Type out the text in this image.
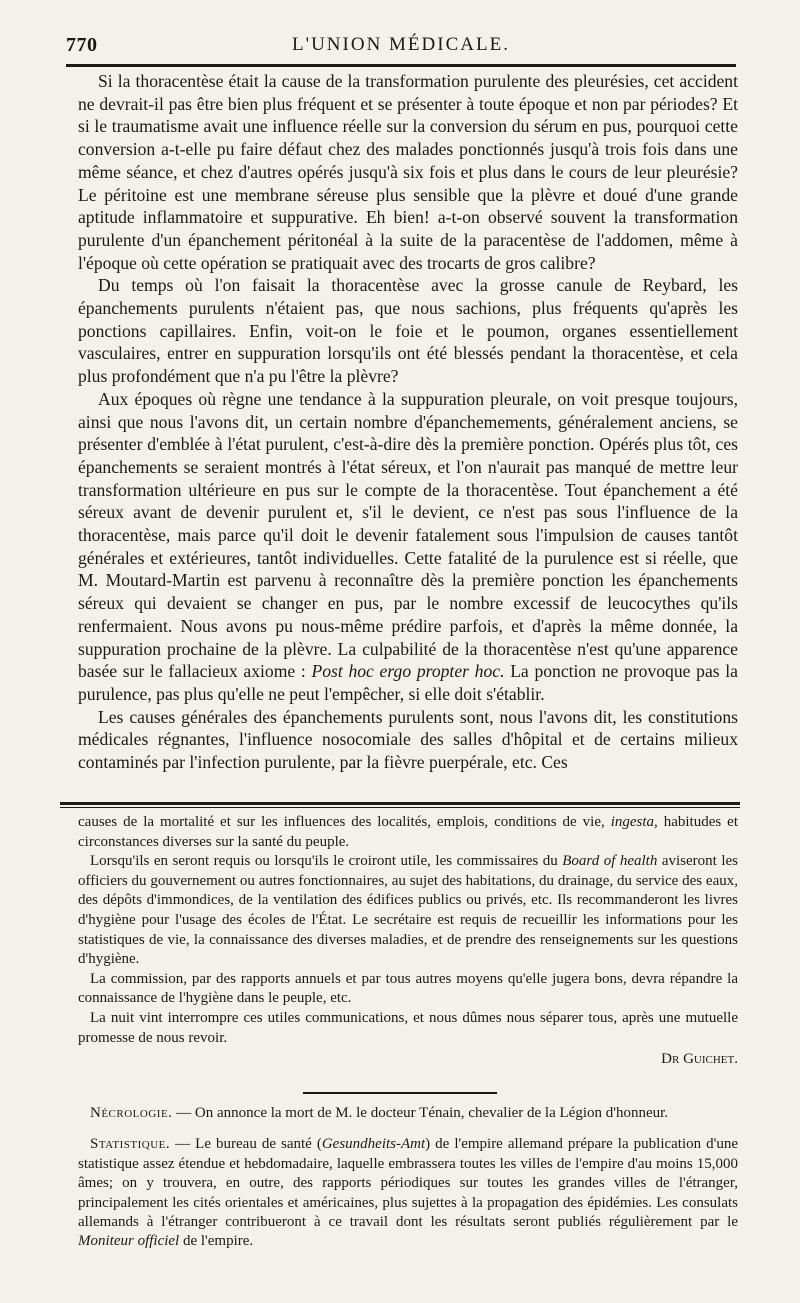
770	L'UNION MÉDICALE.

Si la thoracentèse était la cause de la transformation purulente des pleurésies, cet accident ne devrait-il pas être bien plus fréquent et se présenter à toute époque et non par périodes? Et si le traumatisme avait une influence réelle sur la conversion du sérum en pus, pourquoi cette conversion a-t-elle pu faire défaut chez des malades ponctionnés jusqu'à trois fois dans une même séance, et chez d'autres opérés jusqu'à six fois et plus dans le cours de leur pleurésie? Le péritoine est une membrane séreuse plus sensible que la plèvre et doué d'une grande aptitude inflammatoire et suppurative. Eh bien! a-t-on observé souvent la transformation purulente d'un épanchement péritonéal à la suite de la paracentèse de l'addomen, même à l'époque où cette opération se pratiquait avec des trocarts de gros calibre?

Du temps où l'on faisait la thoracentèse avec la grosse canule de Reybard, les épanchements purulents n'étaient pas, que nous sachions, plus fréquents qu'après les ponctions capillaires. Enfin, voit-on le foie et le poumon, organes essentiellement vasculaires, entrer en suppuration lorsqu'ils ont été blessés pendant la thoracentèse, et cela plus profondément que n'a pu l'être la plèvre?

Aux époques où règne une tendance à la suppuration pleurale, on voit presque toujours, ainsi que nous l'avons dit, un certain nombre d'épanchemements, généralement anciens, se présenter d'emblée à l'état purulent, c'est-à-dire dès la première ponction. Opérés plus tôt, ces épanchements se seraient montrés à l'état séreux, et l'on n'aurait pas manqué de mettre leur transformation ultérieure en pus sur le compte de la thoracentèse. Tout épanchement a été séreux avant de devenir purulent et, s'il le devient, ce n'est pas sous l'influence de la thoracentèse, mais parce qu'il doit le devenir fatalement sous l'impulsion de causes tantôt générales et extérieures, tantôt individuelles. Cette fatalité de la purulence est si réelle, que M. Moutard-Martin est parvenu à reconnaître dès la première ponction les épanchements séreux qui devaient se changer en pus, par le nombre excessif de leucocythes qu'ils renfermaient. Nous avons pu nous-même prédire parfois, et d'après la même donnée, la suppuration prochaine de la plèvre. La culpabilité de la thoracentèse n'est qu'une apparence basée sur le fallacieux axiome : Post hoc ergo propter hoc. La ponction ne provoque pas la purulence, pas plus qu'elle ne peut l'empêcher, si elle doit s'établir.

Les causes générales des épanchements purulents sont, nous l'avons dit, les constitutions médicales régnantes, l'influence nosocomiale des salles d'hôpital et de certains milieux contaminés par l'infection purulente, par la fièvre puerpérale, etc. Ces

causes de la mortalité et sur les influences des localités, emplois, conditions de vie, ingesta, habitudes et circonstances diverses sur la santé du peuple.

Lorsqu'ils en seront requis ou lorsqu'ils le croiront utile, les commissaires du Board of health aviseront les officiers du gouvernement ou autres fonctionnaires, au sujet des habitations, du drainage, du service des eaux, des dépôts d'immondices, de la ventilation des édifices publics ou privés, etc. Ils recommanderont les livres d'hygiène pour l'usage des écoles de l'État. Le secrétaire est requis de recueillir les informations pour les statistiques de vie, la connaissance des diverses maladies, et de prendre des renseignements sur les questions d'hygiène.

La commission, par des rapports annuels et par tous autres moyens qu'elle jugera bons, devra répandre la connaissance de l'hygiène dans le peuple, etc.

La nuit vint interrompre ces utiles communications, et nous dûmes nous séparer tous, après une mutuelle promesse de nous revoir.

Dr Guichet.

Nécrologie. — On annonce la mort de M. le docteur Ténain, chevalier de la Légion d'honneur.

Statistique. — Le bureau de santé (Gesundheits-Amt) de l'empire allemand prépare la publication d'une statistique assez étendue et hebdomadaire, laquelle embrassera toutes les villes de l'empire d'au moins 15,000 âmes; on y trouvera, en outre, des rapports périodiques sur toutes les grandes villes de l'étranger, principalement les cités orientales et américaines, plus sujettes à la propagation des épidémies. Les consulats allemands à l'étranger contribueront à ce travail dont les résultats seront publiés régulièrement par le Moniteur officiel de l'empire.
